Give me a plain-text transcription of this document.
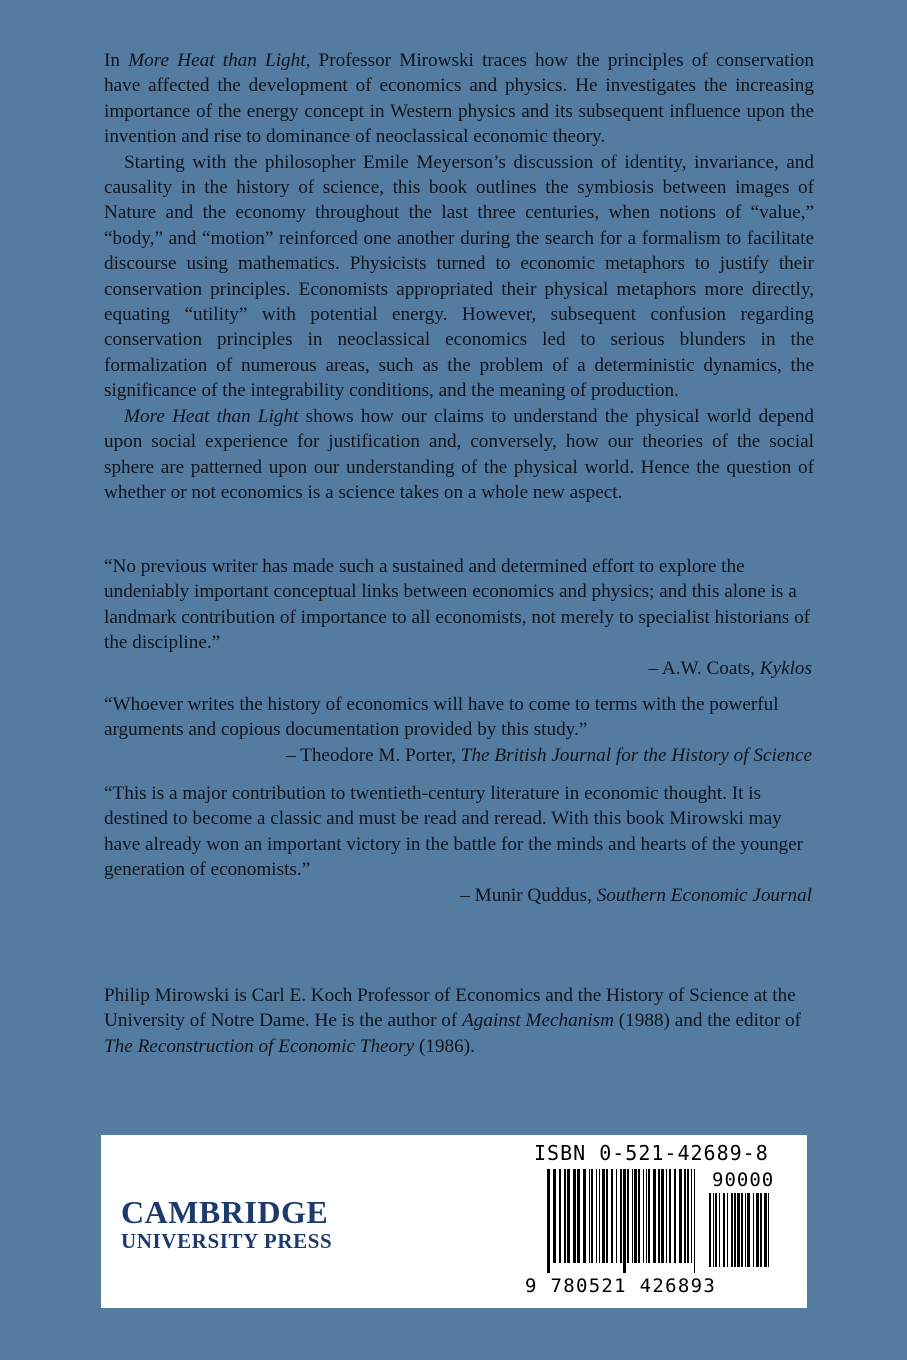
In More Heat than Light, Professor Mirowski traces how the principles of conservation have affected the development of economics and physics. He investigates the increasing importance of the energy concept in Western physics and its subsequent influence upon the invention and rise to dominance of neoclassical economic theory.

Starting with the philosopher Emile Meyerson’s discussion of identity, invariance, and causality in the history of science, this book outlines the symbiosis between images of Nature and the economy throughout the last three centuries, when notions of “value,” “body,” and “motion” reinforced one another during the search for a formalism to facilitate discourse using mathematics. Physicists turned to economic metaphors to justify their conservation principles. Economists appropriated their physical metaphors more directly, equating “utility” with potential energy. However, subsequent confusion regarding conservation principles in neoclassical economics led to serious blunders in the formalization of numerous areas, such as the problem of a deterministic dynamics, the significance of the integrability conditions, and the meaning of production.

More Heat than Light shows how our claims to understand the physical world depend upon social experience for justification and, conversely, how our theories of the social sphere are patterned upon our understanding of the physical world. Hence the question of whether or not economics is a science takes on a whole new aspect.

“No previous writer has made such a sustained and determined effort to explore the undeniably important conceptual links between economics and physics; and this alone is a landmark contribution of importance to all economists, not merely to specialist historians of the discipline.”

– A.W. Coats, Kyklos

“Whoever writes the history of economics will have to come to terms with the powerful arguments and copious documentation provided by this study.”

– Theodore M. Porter, The British Journal for the History of Science

“This is a major contribution to twentieth-century literature in economic thought. It is destined to become a classic and must be read and reread. With this book Mirowski may have already won an important victory in the battle for the minds and hearts of the younger generation of economists.”

– Munir Quddus, Southern Economic Journal

Philip Mirowski is Carl E. Koch Professor of Economics and the History of Science at the University of Notre Dame. He is the author of Against Mechanism (1988) and the editor of The Reconstruction of Economic Theory (1986).

CAMBRIDGE
UNIVERSITY PRESS
ISBN 0-521-42689-8
90000
9 780521 426893
